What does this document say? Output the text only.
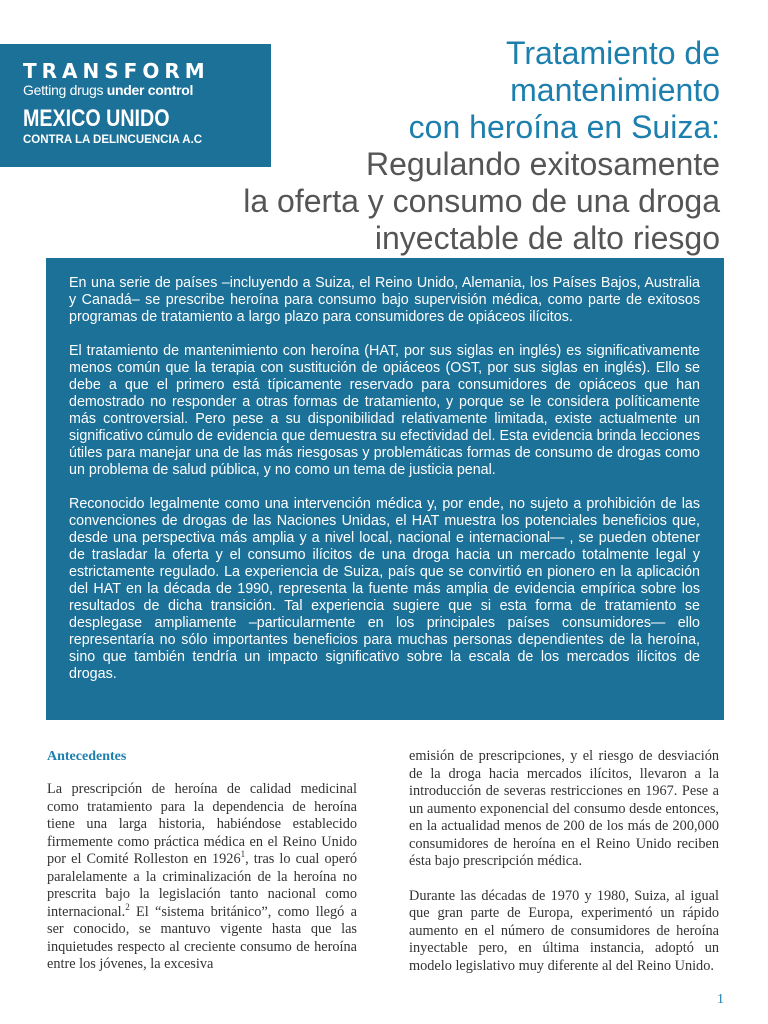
TRANSFORM
Getting drugs under control
MEXICO UNIDO
CONTRA LA DELINCUENCIA A.C
Tratamiento de
mantenimiento
con heroína en Suiza:
Regulando exitosamente
la oferta y consumo de una droga
inyectable de alto riesgo

En una serie de países –incluyendo a Suiza, el Reino Unido, Alemania, los Países Bajos, Australia y Canadá– se prescribe heroína para consumo bajo supervisión médica, como parte de exitosos programas de tratamiento a largo plazo para consumidores de opiáceos ilícitos.

El tratamiento de mantenimiento con heroína (HAT, por sus siglas en inglés) es significativamente menos común que la terapia con sustitución de opiáceos (OST, por sus siglas en inglés). Ello se debe a que el primero está típicamente reservado para consumidores de opiáceos que han demostrado no responder a otras formas de tratamiento, y porque se le considera políticamente más controversial. Pero pese a su disponibilidad relativamente limitada, existe actualmente un significativo cúmulo de evidencia que demuestra su efectividad del. Esta evidencia brinda lecciones útiles para manejar una de las más riesgosas y problemáticas formas de consumo de drogas como un problema de salud pública, y no como un tema de justicia penal.

Reconocido legalmente como una intervención médica y, por ende, no sujeto a prohibición de las convenciones de drogas de las Naciones Unidas, el HAT muestra los potenciales beneficios que, desde una perspectiva más amplia y a nivel local, nacional e internacional— , se pueden obtener de trasladar la oferta y el consumo ilícitos de una droga hacia un mercado totalmente legal y estrictamente regulado. La experiencia de Suiza, país que se convirtió en pionero en la aplicación del HAT en la década de 1990, representa la fuente más amplia de evidencia empírica sobre los resultados de dicha transición. Tal experiencia sugiere que si esta forma de tratamiento se desplegase ampliamente –particularmente en los principales países consumidores— ello representaría no sólo importantes beneficios para muchas personas dependientes de la heroína, sino que también tendría un impacto significativo sobre la escala de los mercados ilícitos de drogas.

Antecedentes

La prescripción de heroína de calidad medicinal como tratamiento para la dependencia de heroína tiene una larga historia, habiéndose establecido firmemente como práctica médica en el Reino Unido por el Comité Rolleston en 1926$^1$, tras lo cual operó paralelamente a la criminalización de la heroína no prescrita bajo la legislación tanto nacional como internacional.$^2$ El “sistema británico”, como llegó a ser conocido, se mantuvo vigente hasta que las inquietudes respecto al creciente consumo de heroína entre los jóvenes, la excesiva

emisión de prescripciones, y el riesgo de desviación de la droga hacia mercados ilícitos, llevaron a la introducción de severas restricciones en 1967. Pese a un aumento exponencial del consumo desde entonces, en la actualidad menos de 200 de los más de 200,000 consumidores de heroína en el Reino Unido reciben ésta bajo prescripción médica.

Durante las décadas de 1970 y 1980, Suiza, al igual que gran parte de Europa, experimentó un rápido aumento en el número de consumidores de heroína inyectable pero, en última instancia, adoptó un modelo legislativo muy diferente al del Reino Unido.

1
